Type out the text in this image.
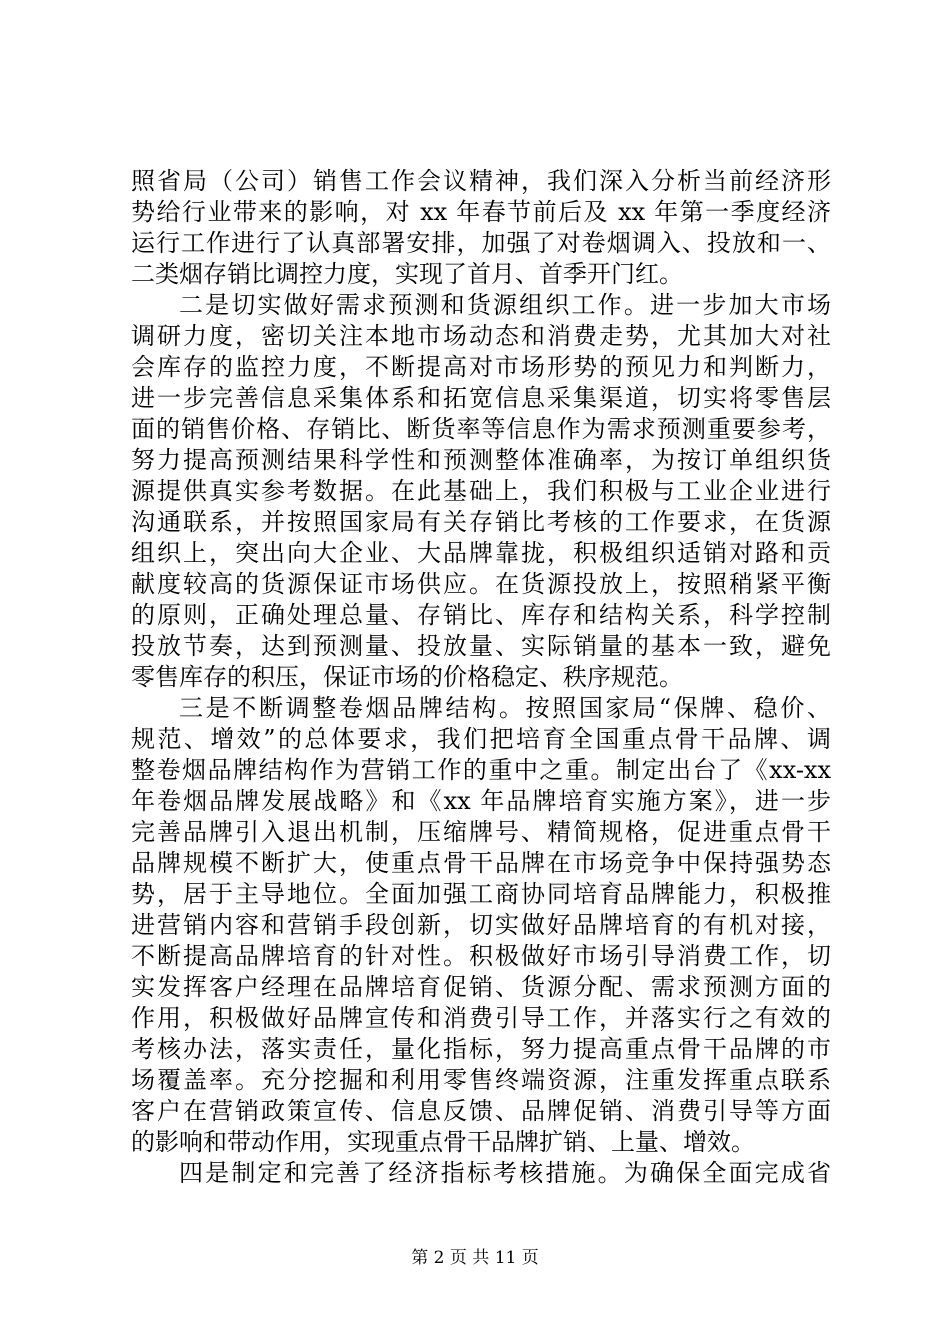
照省局（公司）销售工作会议精神，我们深入分析当前经济形
势给行业带来的影响，对 xx 年春节前后及 xx 年第一季度经济
运行工作进行了认真部署安排，加强了对卷烟调入、投放和一、
二类烟存销比调控力度，实现了首月、首季开门红。
二是切实做好需求预测和货源组织工作。进一步加大市场
调研力度，密切关注本地市场动态和消费走势，尤其加大对社
会库存的监控力度，不断提高对市场形势的预见力和判断力，
进一步完善信息采集体系和拓宽信息采集渠道，切实将零售层
面的销售价格、存销比、断货率等信息作为需求预测重要参考，
努力提高预测结果科学性和预测整体准确率，为按订单组织货
源提供真实参考数据。在此基础上，我们积极与工业企业进行
沟通联系，并按照国家局有关存销比考核的工作要求，在货源
组织上，突出向大企业、大品牌靠拢，积极组织适销对路和贡
献度较高的货源保证市场供应。在货源投放上，按照稍紧平衡
的原则，正确处理总量、存销比、库存和结构关系，科学控制
投放节奏，达到预测量、投放量、实际销量的基本一致，避免
零售库存的积压，保证市场的价格稳定、秩序规范。
三是不断调整卷烟品牌结构。按照国家局“保牌、稳价、
规范、增效”的总体要求，我们把培育全国重点骨干品牌、调
整卷烟品牌结构作为营销工作的重中之重。制定出台了《xx-xx
年卷烟品牌发展战略》和《xx 年品牌培育实施方案》，进一步
完善品牌引入退出机制，压缩牌号、精简规格，促进重点骨干
品牌规模不断扩大，使重点骨干品牌在市场竞争中保持强势态
势，居于主导地位。全面加强工商协同培育品牌能力，积极推
进营销内容和营销手段创新，切实做好品牌培育的有机对接，
不断提高品牌培育的针对性。积极做好市场引导消费工作，切
实发挥客户经理在品牌培育促销、货源分配、需求预测方面的
作用，积极做好品牌宣传和消费引导工作，并落实行之有效的
考核办法，落实责任，量化指标，努力提高重点骨干品牌的市
场覆盖率。充分挖掘和利用零售终端资源，注重发挥重点联系
客户在营销政策宣传、信息反馈、品牌促销、消费引导等方面
的影响和带动作用，实现重点骨干品牌扩销、上量、增效。
四是制定和完善了经济指标考核措施。为确保全面完成省
第 2 页 共 11 页
